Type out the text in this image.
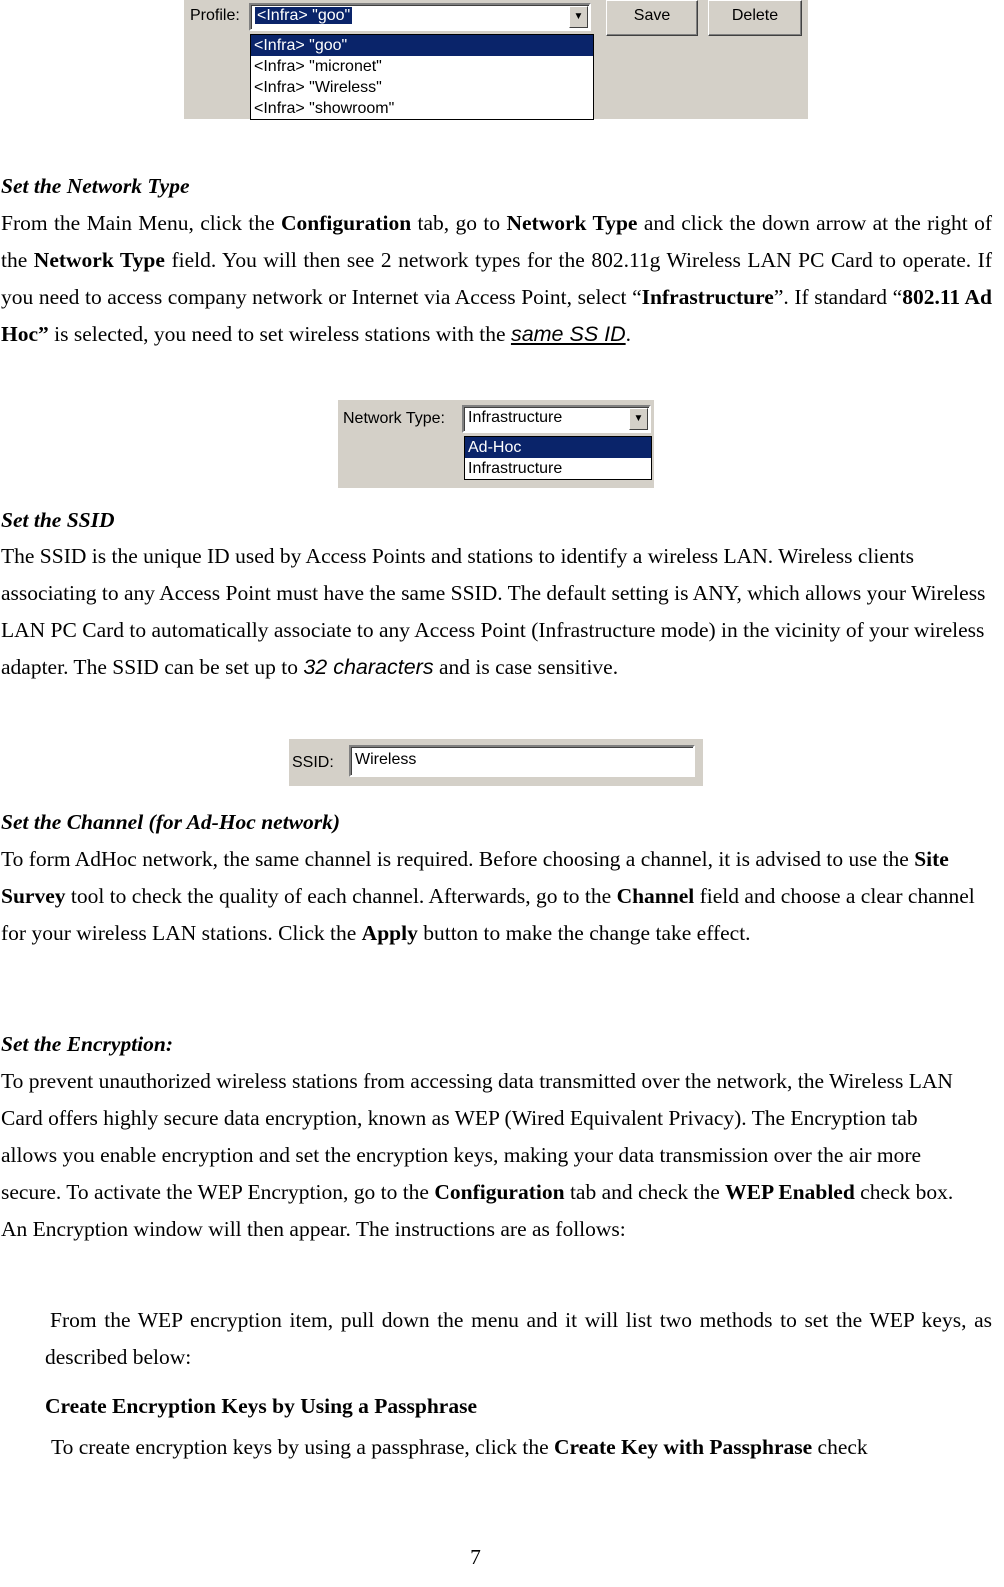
Profile:	<Infra> "goo"	▼
<Infra> "goo"
<Infra> "micronet"
<Infra> "Wireless"
<Infra> "showroom"
Save	Delete

Set the Network Type

From the Main Menu, click the Configuration tab, go to Network Type and click the down arrow at the right of the Network Type field. You will then see 2 network types for the 802.11g Wireless LAN PC Card to operate. If you need to access company network or Internet via Access Point, select “Infrastructure”. If standard “802.11 Ad Hoc” is selected, you need to set wireless stations with the same SS ID.

Network Type:	Infrastructure	▼
Ad-Hoc
Infrastructure

Set the SSID

The SSID is the unique ID used by Access Points and stations to identify a wireless LAN. Wireless clients associating to any Access Point must have the same SSID. The default setting is ANY, which allows your Wireless LAN PC Card to automatically associate to any Access Point (Infrastructure mode) in the vicinity of your wireless adapter. The SSID can be set up to 32 characters and is case sensitive.

SSID:	Wireless

Set the Channel (for Ad-Hoc network)

To form AdHoc network, the same channel is required. Before choosing a channel, it is advised to use the Site Survey tool to check the quality of each channel. Afterwards, go to the Channel field and choose a clear channel for your wireless LAN stations. Click the Apply button to make the change take effect.

Set the Encryption:

To prevent unauthorized wireless stations from accessing data transmitted over the network, the Wireless LAN Card offers highly secure data encryption, known as WEP (Wired Equivalent Privacy). The Encryption tab allows you enable encryption and set the encryption keys, making your data transmission over the air more secure. To activate the WEP Encryption, go to the Configuration tab and check the WEP Enabled check box. An Encryption window will then appear. The instructions are as follows:

From the WEP encryption item, pull down the menu and it will list two methods to set the WEP keys, as described below:

Create Encryption Keys by Using a Passphrase

To create encryption keys by using a passphrase, click the Create Key with Passphrase check

7
